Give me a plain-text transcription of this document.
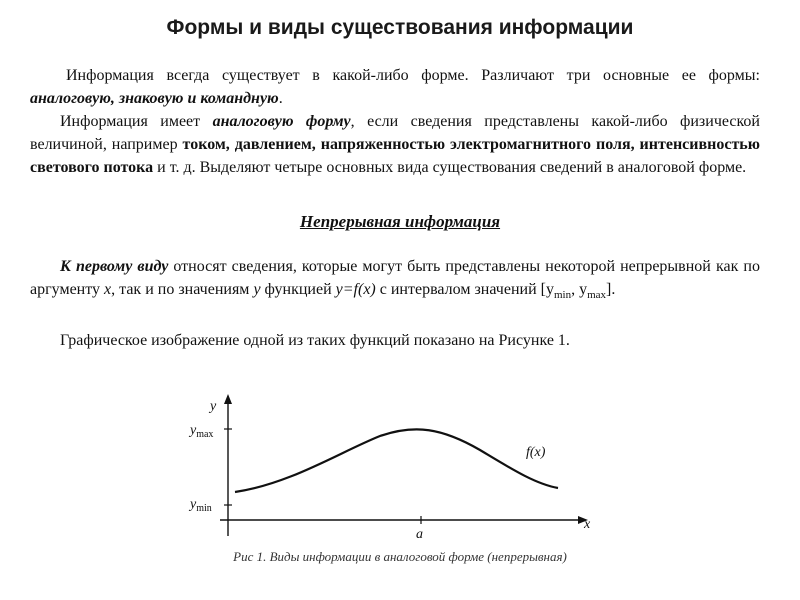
Формы и виды существования информации

Информация всегда существует в какой-либо форме. Различают три основные ее формы: аналоговую, знаковую и командную.

Информация имеет аналоговую форму, если сведения представлены какой-либо физической величиной, например током, давлением, напряженностью электромагнитного поля, интенсивностью светового потока и т. д. Выделяют четыре основных вида существования сведений в аналоговой форме.

Непрерывная информация

К первому виду относят сведения, которые могут быть представлены некоторой непрерывной как по аргументу x, так и по значениям y функцией y=f(x) с интервалом значений [$y_{min}$, $y_{max}$].

Графическое изображение одной из таких функций показано на Рисунке 1.

y
x
$y_{max}$
$y_{min}$
f(x)
a
Рис 1. Виды информации в аналоговой форме (непрерывная)
